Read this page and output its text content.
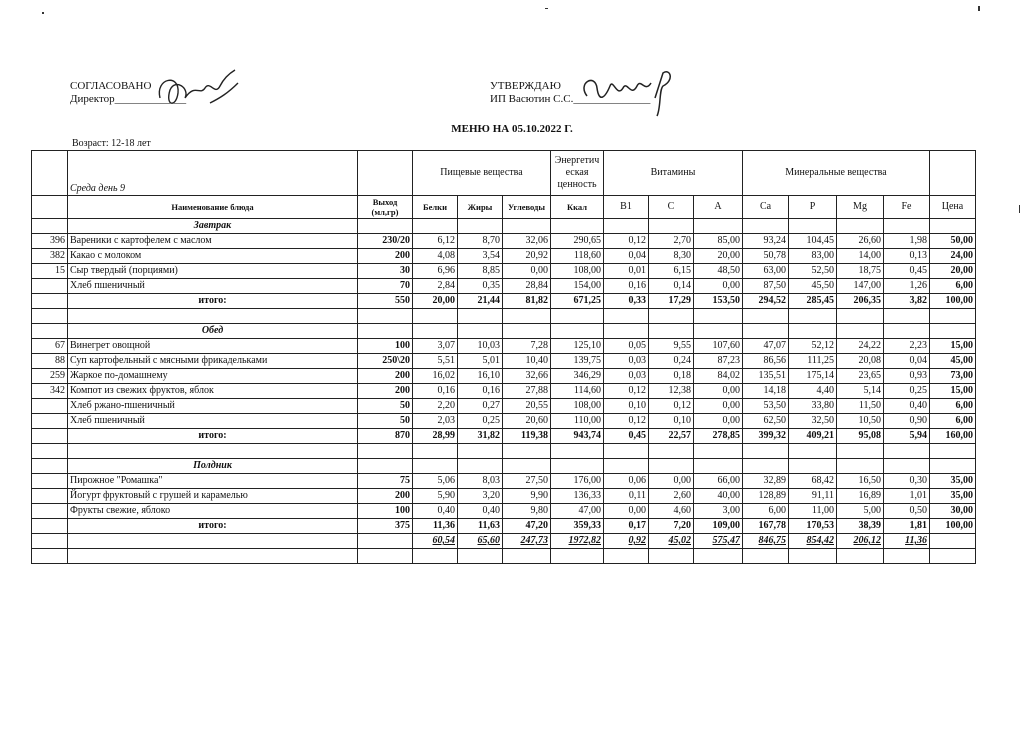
СОГЛАСОВАНО
Директор_____________
УТВЕРЖДАЮ
ИП Васютин С.С.______________
МЕНЮ НА 05.10.2022 Г.
Возраст: 12-18 лет
	Среда день 9		Пищевые вещества			Энергетич еская ценность	Витамины			Минеральные вещества				
	Наименование блюда	Выход (мл,гр)	Белки	Жиры	Углеводы	Ккал	B1	C	A	Ca	P	Mg	Fe	Цена
	Завтрак													
396	Вареники с картофелем с маслом	230/20	6,12	8,70	32,06	290,65	0,12	2,70	85,00	93,24	104,45	26,60	1,98	50,00
382	Какао с молоком	200	4,08	3,54	20,92	118,60	0,04	8,30	20,00	50,78	83,00	14,00	0,13	24,00
15	Сыр твердый (порциями)	30	6,96	8,85	0,00	108,00	0,01	6,15	48,50	63,00	52,50	18,75	0,45	20,00
	Хлеб пшеничный	70	2,84	0,35	28,84	154,00	0,16	0,14	0,00	87,50	45,50	147,00	1,26	6,00
	итого:	550	20,00	21,44	81,82	671,25	0,33	17,29	153,50	294,52	285,45	206,35	3,82	100,00

	Обед													
67	Винегрет овощной	100	3,07	10,03	7,28	125,10	0,05	9,55	107,60	47,07	52,12	24,22	2,23	15,00
88	Суп картофельный с мясными фрикадельками	250\20	5,51	5,01	10,40	139,75	0,03	0,24	87,23	86,56	111,25	20,08	0,04	45,00
259	Жаркое по-домашнему	200	16,02	16,10	32,66	346,29	0,03	0,18	84,02	135,51	175,14	23,65	0,93	73,00
342	Компот из свежих фруктов, яблок	200	0,16	0,16	27,88	114,60	0,12	12,38	0,00	14,18	4,40	5,14	0,25	15,00
	Хлеб ржано-пшеничный	50	2,20	0,27	20,55	108,00	0,10	0,12	0,00	53,50	33,80	11,50	0,40	6,00
	Хлеб пшеничный	50	2,03	0,25	20,60	110,00	0,12	0,10	0,00	62,50	32,50	10,50	0,90	6,00
	итого:	870	28,99	31,82	119,38	943,74	0,45	22,57	278,85	399,32	409,21	95,08	5,94	160,00

	Полдник													
	Пирожное "Ромашка"	75	5,06	8,03	27,50	176,00	0,06	0,00	66,00	32,89	68,42	16,50	0,30	35,00
	Йогурт фруктовый с грушей и карамелью	200	5,90	3,20	9,90	136,33	0,11	2,60	40,00	128,89	91,11	16,89	1,01	35,00
	Фрукты свежие, яблоко	100	0,40	0,40	9,80	47,00	0,00	4,60	3,00	6,00	11,00	5,00	0,50	30,00
	итого:	375	11,36	11,63	47,20	359,33	0,17	7,20	109,00	167,78	170,53	38,39	1,81	100,00
			60,54	65,60	247,73	1972,82	0,92	45,02	575,47	846,75	854,42	206,12	11,36	
